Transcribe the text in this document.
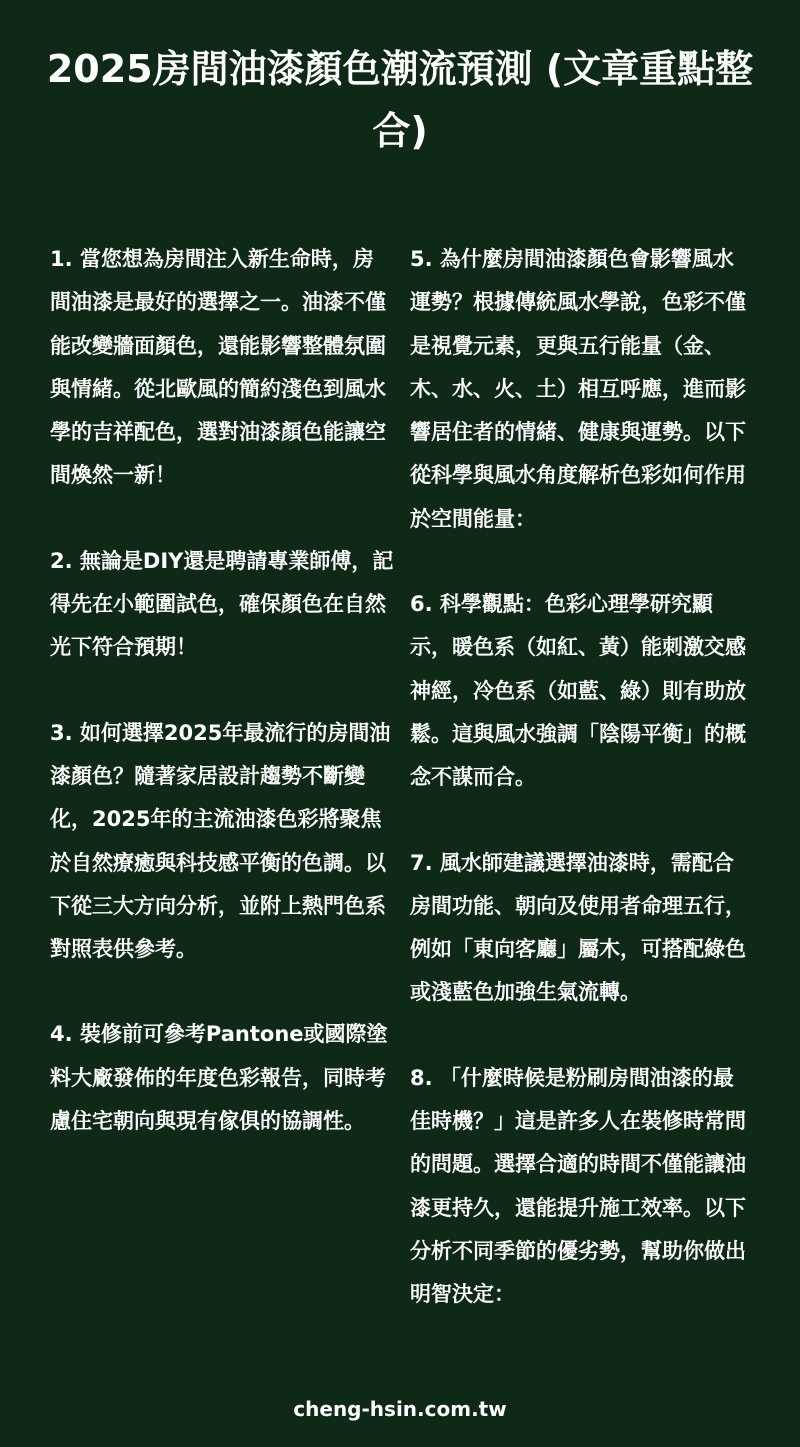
2025房間油漆顏色潮流預測 (文章重點整合)

1. 當您想為房間注入新生命時，房間油漆是最好的選擇之一。油漆不僅能改變牆面顏色，還能影響整體氛圍與情緒。從北歐風的簡約淺色到風水學的吉祥配色，選對油漆顏色能讓空間煥然一新！

2. 無論是DIY還是聘請專業師傅，記得先在小範圍試色，確保顏色在自然光下符合預期！

3. 如何選擇2025年最流行的房間油漆顏色？隨著家居設計趨勢不斷變化，2025年的主流油漆色彩將聚焦於自然療癒與科技感平衡的色調。以下從三大方向分析，並附上熱門色系對照表供參考。

4. 裝修前可參考Pantone或國際塗料大廠發佈的年度色彩報告，同時考慮住宅朝向與現有傢俱的協調性。

5. 為什麼房間油漆顏色會影響風水運勢？根據傳統風水學說，色彩不僅是視覺元素，更與五行能量（金、木、水、火、土）相互呼應，進而影響居住者的情緒、健康與運勢。以下從科學與風水角度解析色彩如何作用於空間能量：

6. 科學觀點：色彩心理學研究顯示，暖色系（如紅、黃）能刺激交感神經，冷色系（如藍、綠）則有助放鬆。這與風水強調「陰陽平衡」的概念不謀而合。

7. 風水師建議選擇油漆時，需配合房間功能、朝向及使用者命理五行，例如「東向客廳」屬木，可搭配綠色或淺藍色加強生氣流轉。

8. 「什麼時候是粉刷房間油漆的最佳時機？」這是許多人在裝修時常問的問題。選擇合適的時間不僅能讓油漆更持久，還能提升施工效率。以下分析不同季節的優劣勢，幫助你做出明智決定：

cheng-hsin.com.tw
